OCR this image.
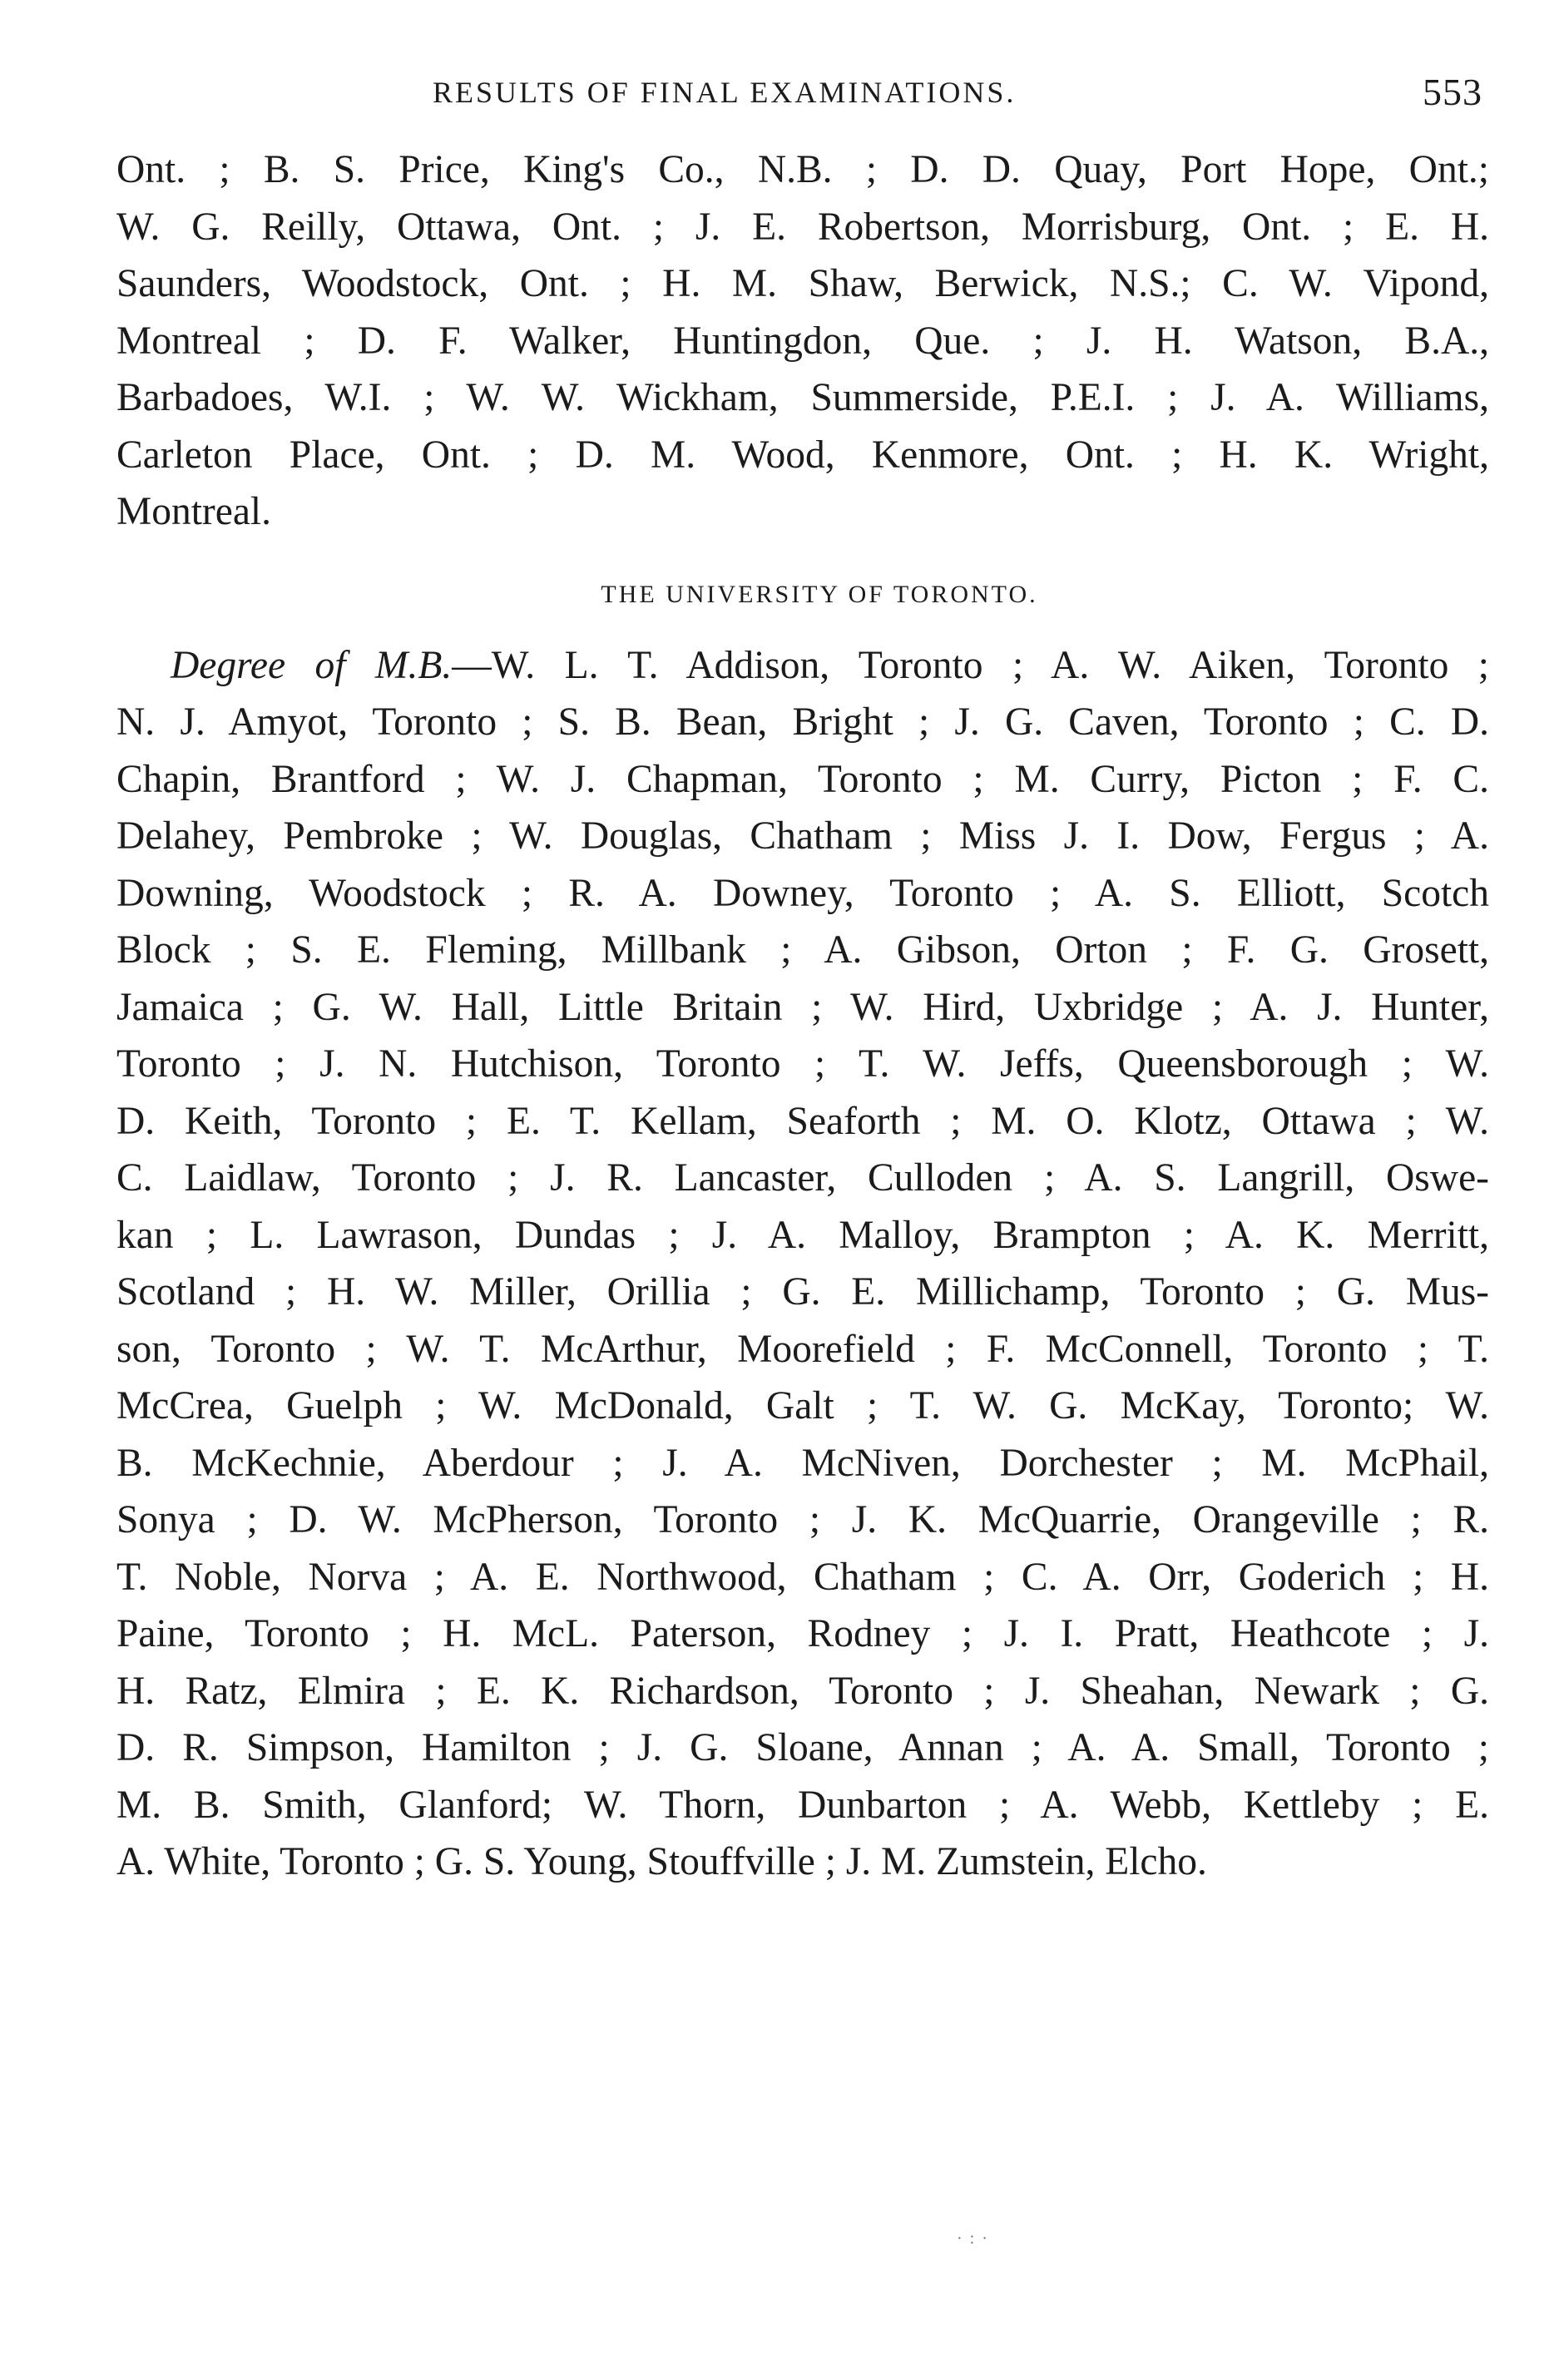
RESULTS OF FINAL EXAMINATIONS.	553
Ont. ; B. S. Price, King's Co., N.B. ; D. D. Quay, Port Hope, Ont.;
W. G. Reilly, Ottawa, Ont. ; J. E. Robertson, Morrisburg, Ont. ; E. H.
Saunders, Woodstock, Ont. ; H. M. Shaw, Berwick, N.S.; C. W. Vipond,
Montreal ; D. F. Walker, Huntingdon, Que. ; J. H. Watson, B.A.,
Barbadoes, W.I. ; W. W. Wickham, Summerside, P.E.I. ; J. A. Williams,
Carleton Place, Ont. ; D. M. Wood, Kenmore, Ont. ; H. K. Wright,
Montreal.
THE UNIVERSITY OF TORONTO.
Degree of M.B.—W. L. T. Addison, Toronto ; A. W. Aiken, Toronto ;
N. J. Amyot, Toronto ; S. B. Bean, Bright ; J. G. Caven, Toronto ; C. D.
Chapin, Brantford ; W. J. Chapman, Toronto ; M. Curry, Picton ; F. C.
Delahey, Pembroke ; W. Douglas, Chatham ; Miss J. I. Dow, Fergus ; A.
Downing, Woodstock ; R. A. Downey, Toronto ; A. S. Elliott, Scotch
Block ; S. E. Fleming, Millbank ; A. Gibson, Orton ; F. G. Grosett,
Jamaica ; G. W. Hall, Little Britain ; W. Hird, Uxbridge ; A. J. Hunter,
Toronto ; J. N. Hutchison, Toronto ; T. W. Jeffs, Queensborough ; W.
D. Keith, Toronto ; E. T. Kellam, Seaforth ; M. O. Klotz, Ottawa ; W.
C. Laidlaw, Toronto ; J. R. Lancaster, Culloden ; A. S. Langrill, Oswe-
kan ; L. Lawrason, Dundas ; J. A. Malloy, Brampton ; A. K. Merritt,
Scotland ; H. W. Miller, Orillia ; G. E. Millichamp, Toronto ; G. Mus-
son, Toronto ; W. T. McArthur, Moorefield ; F. McConnell, Toronto ; T.
McCrea, Guelph ; W. McDonald, Galt ; T. W. G. McKay, Toronto; W.
B. McKechnie, Aberdour ; J. A. McNiven, Dorchester ; M. McPhail,
Sonya ; D. W. McPherson, Toronto ; J. K. McQuarrie, Orangeville ; R.
T. Noble, Norva ; A. E. Northwood, Chatham ; C. A. Orr, Goderich ; H.
Paine, Toronto ; H. McL. Paterson, Rodney ; J. I. Pratt, Heathcote ; J.
H. Ratz, Elmira ; E. K. Richardson, Toronto ; J. Sheahan, Newark ; G.
D. R. Simpson, Hamilton ; J. G. Sloane, Annan ; A. A. Small, Toronto ;
M. B. Smith, Glanford; W. Thorn, Dunbarton ; A. Webb, Kettleby ; E.
A. White, Toronto ; G. S. Young, Stouffville ; J. M. Zumstein, Elcho.
· : ·
